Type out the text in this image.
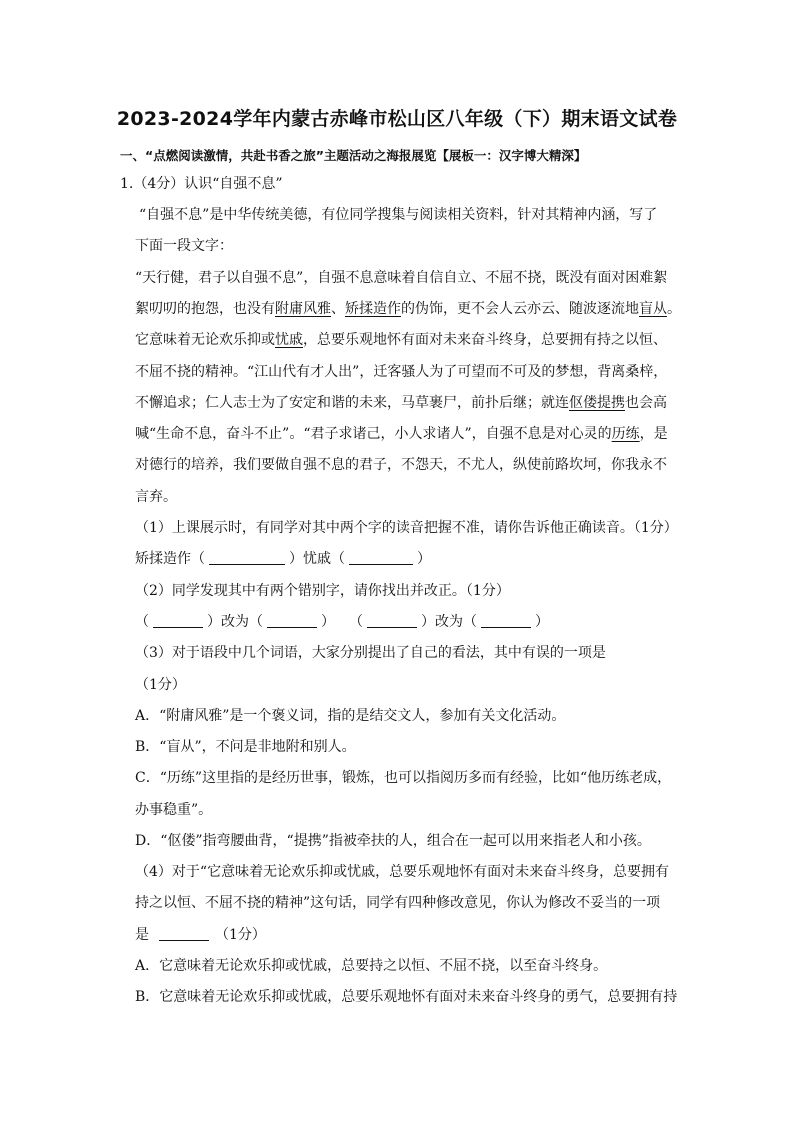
2023-2024学年内蒙古赤峰市松山区八年级（下）期末语文试卷
一、“点燃阅读激情，共赴书香之旅”主题活动之海报展览【展板一：汉字博大精深】
1.（4分）认识“自强不息”
“自强不息”是中华传统美德，有位同学搜集与阅读相关资料，针对其精神内涵，写了
下面一段文字：
“天行健，君子以自强不息”，自强不息意味着自信自立、不屈不挠，既没有面对困难絮
絮叨叨的抱怨，也没有附庸风雅、矫揉造作的伪饰，更不会人云亦云、随波逐流地盲从。
它意味着无论欢乐抑或忧戚，总要乐观地怀有面对未来奋斗终身，总要拥有持之以恒、
不屈不挠的精神。“江山代有才人出”，迁客骚人为了可望而不可及的梦想，背离桑梓，
不懈追求；仁人志士为了安定和谐的未来，马草裹尸，前扑后继；就连伛偻提携也会高
喊“生命不息，奋斗不止”。“君子求诸己，小人求诸人”，自强不息是对心灵的历练，是
对德行的培养，我们要做自强不息的君子，不怨天，不尤人，纵使前路坎坷，你我永不
言弃。
（1）上课展示时，有同学对其中两个字的读音把握不准，请你告诉他正确读音。（1分）
矫揉造作（	）忧戚（	）
（2）同学发现其中有两个错别字，请你找出并改正。（1分）
（	）改为（	） （	）改为（	）
（3）对于语段中几个词语，大家分别提出了自己的看法，其中有误的一项是
（1分）
A．“附庸风雅”是一个褒义词，指的是结交文人，参加有关文化活动。
B．“盲从”，不问是非地附和别人。
C．“历练”这里指的是经历世事，锻炼，也可以指阅历多而有经验，比如“他历练老成，
办事稳重”。
D．“伛偻”指弯腰曲背，“提携”指被牵扶的人，组合在一起可以用来指老人和小孩。
（4）对于“它意味着无论欢乐抑或忧戚，总要乐观地怀有面对未来奋斗终身，总要拥有
持之以恒、不屈不挠的精神”这句话，同学有四种修改意见，你认为修改不妥当的一项
是	（1分）
A．它意味着无论欢乐抑或忧戚，总要持之以恒、不屈不挠，以至奋斗终身。
B．它意味着无论欢乐抑或忧戚，总要乐观地怀有面对未来奋斗终身的勇气，总要拥有持
